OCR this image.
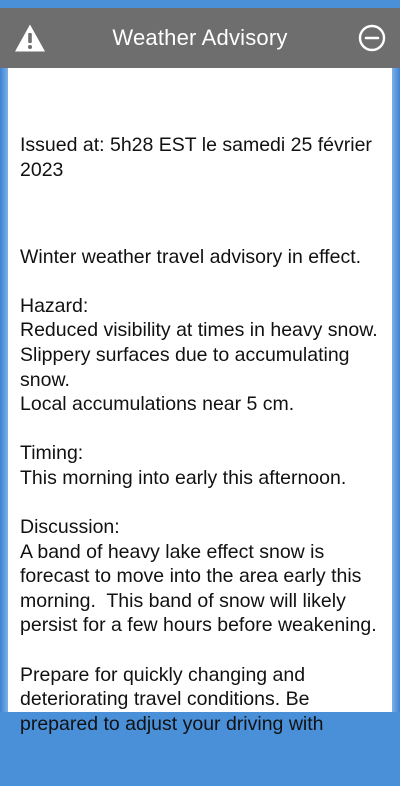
Weather Advisory

Issued at: 5h28 EST le samedi 25 février 2023

Winter weather travel advisory in effect.

Hazard:
Reduced visibility at times in heavy snow.
Slippery surfaces due to accumulating snow.
Local accumulations near 5 cm.

Timing:
This morning into early this afternoon.

Discussion:
A band of heavy lake effect snow is forecast to move into the area early this morning.  This band of snow will likely persist for a few hours before weakening.

Prepare for quickly changing and deteriorating travel conditions. Be prepared to adjust your driving with
